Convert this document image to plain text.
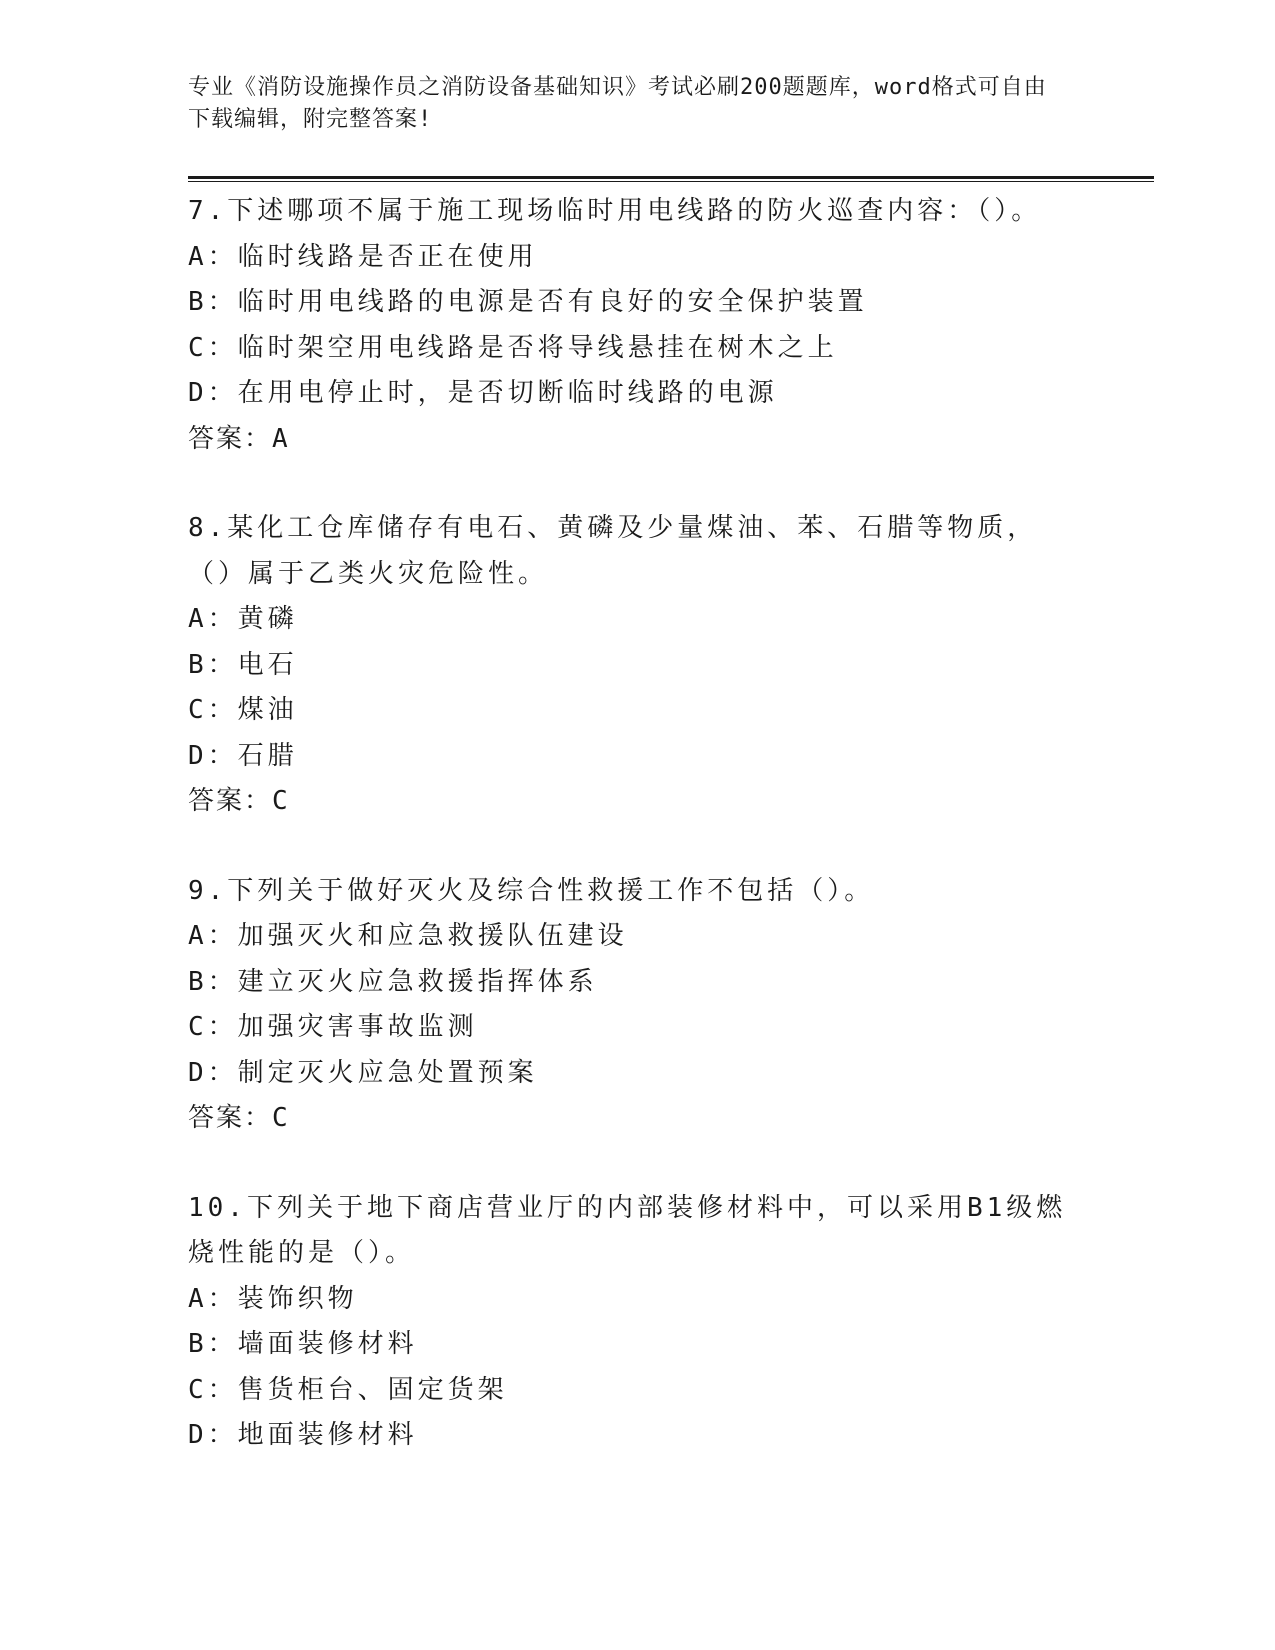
专业《消防设施操作员之消防设备基础知识》考试必刷200题题库，word格式可自由下载编辑，附完整答案!

7.下述哪项不属于施工现场临时用电线路的防火巡查内容：（）。

A：临时线路是否正在使用

B：临时用电线路的电源是否有良好的安全保护装置

C：临时架空用电线路是否将导线悬挂在树木之上

D：在用电停止时，是否切断临时线路的电源

答案：A

8.某化工仓库储存有电石、黄磷及少量煤油、苯、石腊等物质，（）属于乙类火灾危险性。

A：黄磷

B：电石

C：煤油

D：石腊

答案：C

9.下列关于做好灭火及综合性救援工作不包括（）。

A：加强灭火和应急救援队伍建设

B：建立灭火应急救援指挥体系

C：加强灾害事故监测

D：制定灭火应急处置预案

答案：C

10.下列关于地下商店营业厅的内部装修材料中，可以采用B1级燃烧性能的是（）。

A：装饰织物

B：墙面装修材料

C：售货柜台、固定货架

D：地面装修材料
